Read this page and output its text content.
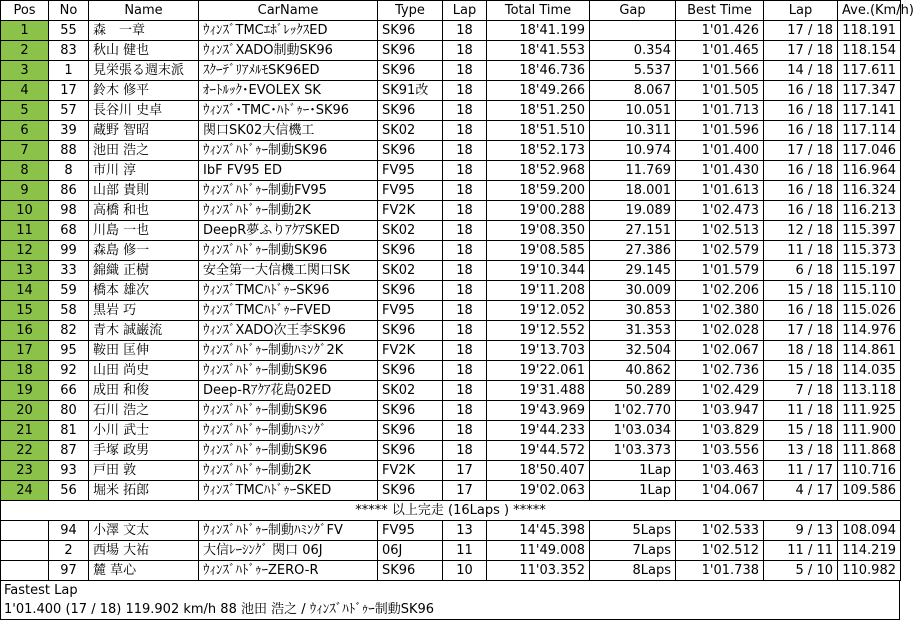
Pos	No	Name	CarName	Type	Lap	Total Time	Gap	Best Time	Lap	Ave.(Km/h)
1	55	森　一章	ｳｨﾝｽﾞTMCｴﾎﾞﾚｯｸｽED	SK96	18	18'41.199		1'01.426	17 / 18	118.191
2	83	秋山 健也	ｳｨﾝｽﾞXADO制動SK96	SK96	18	18'41.553	0.354	1'01.465	17 / 18	118.154
3	1	見栄張る週末派	ｽｸｰﾃﾞﾘｱﾒﾙﾓSK96ED	SK96	18	18'46.736	5.537	1'01.566	14 / 18	117.611
4	17	鈴木 修平	ｵｰﾄﾙｯｸ･EVOLEX SK	SK91改	18	18'49.266	8.067	1'01.505	16 / 18	117.347
5	57	長谷川 史卓	ｳｨﾝｽﾞ･TMC･ﾊﾄﾞｩｰ･SK96	SK96	18	18'51.250	10.051	1'01.713	16 / 18	117.141
6	39	蔵野 智昭	関口SK02大信機工	SK02	18	18'51.510	10.311	1'01.596	16 / 18	117.114
7	88	池田 浩之	ｳｨﾝｽﾞﾊﾄﾞｩｰ制動SK96	SK96	18	18'52.173	10.974	1'01.400	17 / 18	117.046
8	8	市川 淳	IbF FV95 ED	FV95	18	18'52.968	11.769	1'01.430	16 / 18	116.964
9	86	山部 貴則	ｳｨﾝｽﾞﾊﾄﾞｩｰ制動FV95	FV95	18	18'59.200	18.001	1'01.613	16 / 18	116.324
10	98	高橋 和也	ｳｨﾝｽﾞﾊﾄﾞｩｰ制動2K	FV2K	18	19'00.288	19.089	1'02.473	16 / 18	116.213
11	68	川島 一也	DeepR夢ふりｱｸｱSKED	SK02	18	19'08.350	27.151	1'02.513	12 / 18	115.397
12	99	森島 修一	ｳｨﾝｽﾞﾊﾄﾞｩｰ制動SK96	SK96	18	19'08.585	27.386	1'02.579	11 / 18	115.373
13	33	錦織 正樹	安全第一大信機工関口SK	SK02	18	19'10.344	29.145	1'01.579	6 / 18	115.197
14	59	橋本 雄次	ｳｨﾝｽﾞTMCﾊﾄﾞｩｰSK96	SK96	18	19'11.208	30.009	1'02.206	15 / 18	115.110
15	58	黒岩 巧	ｳｨﾝｽﾞTMCﾊﾄﾞｩｰFVED	FV95	18	19'12.052	30.853	1'02.380	16 / 18	115.026
16	82	青木 誠巌流	ｳｨﾝｽﾞXADO次王李SK96	SK96	18	19'12.552	31.353	1'02.028	17 / 18	114.976
17	95	鞍田 匡伸	ｳｨﾝｽﾞﾊﾄﾞｩｰ制動ﾊﾐﾝｸﾞ2K	FV2K	18	19'13.703	32.504	1'02.067	18 / 18	114.861
18	92	山田 尚史	ｳｨﾝｽﾞﾊﾄﾞｩｰ制動SK96	SK96	18	19'22.061	40.862	1'02.736	15 / 18	114.035
19	66	成田 和俊	Deep-Rｱｸｱ花島02ED	SK02	18	19'31.488	50.289	1'02.429	7 / 18	113.118
20	80	石川 浩之	ｳｨﾝｽﾞﾊﾄﾞｩｰ制動SK96	SK96	18	19'43.969	1'02.770	1'03.947	11 / 18	111.925
21	81	小川 武士	ｳｨﾝｽﾞﾊﾄﾞｩｰ制動ﾊﾐﾝｸﾞ	SK96	18	19'44.233	1'03.034	1'03.829	15 / 18	111.900
22	87	手塚 政男	ｳｨﾝｽﾞﾊﾄﾞｩｰ制動SK96	SK96	18	19'44.572	1'03.373	1'03.556	13 / 18	111.868
23	93	戸田 敦	ｳｨﾝｽﾞﾊﾄﾞｩｰ制動2K	FV2K	17	18'50.407	1Lap	1'03.463	11 / 17	110.716
24	56	堀米 拓郎	ｳｨﾝｽﾞTMCﾊﾄﾞｩｰSKED	SK96	17	19'02.063	1Lap	1'04.067	4 / 17	109.586
***** 以上完走 (16Laps ) *****										
	94	小澤 文太	ｳｨﾝｽﾞﾊﾄﾞｩｰ制動ﾊﾐﾝｸﾞFV	FV95	13	14'45.398	5Laps	1'02.533	9 / 13	108.094
	2	西場 大祐	大信ﾚｰｼﾝｸﾞ 関口 06J	06J	11	11'49.008	7Laps	1'02.512	11 / 11	114.219
	97	麓 草心	ｳｨﾝｽﾞﾊﾄﾞｩｰZERO-R	SK96	10	11'03.352	8Laps	1'01.738	5 / 10	110.982
Fastest Lap
1'01.400 (17 / 18) 119.902 km/h 88 池田 浩之 / ｳｨﾝｽﾞﾊﾄﾞｩｰ制動SK96
